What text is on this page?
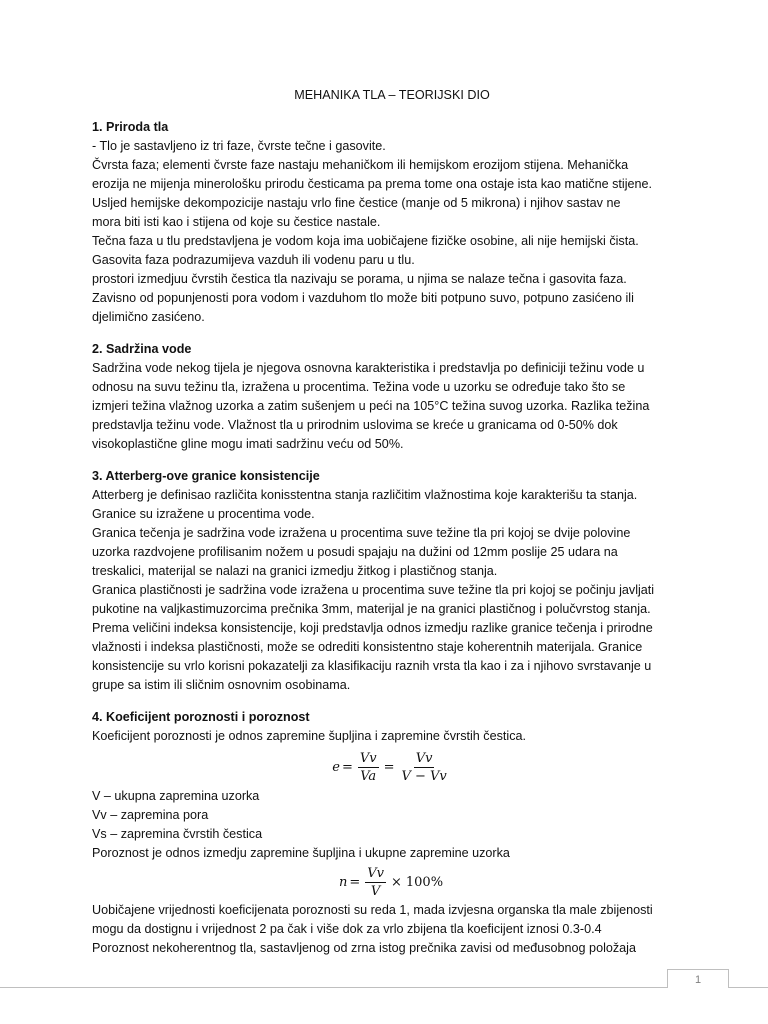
MEHANIKA TLA – TEORIJSKI DIO

1. Priroda tla

- Tlo je sastavljeno iz tri faze, čvrste tečne i gasovite.

Čvrsta faza; elementi čvrste faze nastaju mehaničkom ili hemijskom erozijom stijena. Mehanička

erozija ne mijenja minerološku prirodu česticama pa prema tome ona ostaje ista kao matične stijene.

Usljed hemijske dekompozicije nastaju vrlo fine čestice (manje od 5 mikrona) i njihov sastav ne

mora biti isti kao i stijena od koje su čestice nastale.

Tečna faza u tlu predstavljena je vodom koja ima uobičajene fizičke osobine, ali nije hemijski čista.

Gasovita faza podrazumijeva vazduh ili vodenu paru u tlu.

prostori izmedjuu čvrstih čestica tla nazivaju se porama, u njima se nalaze tečna i gasovita faza.

Zavisno od popunjenosti pora vodom i vazduhom tlo može biti potpuno suvo, potpuno zasićeno ili

djelimično zasićeno.

2. Sadržina vode

Sadržina vode nekog tijela je njegova osnovna karakteristika i predstavlja po definiciji težinu vode u

odnosu na suvu težinu tla, izražena u procentima. Težina vode u uzorku se određuje tako što se

izmjeri težina vlažnog uzorka a zatim sušenjem u peći na 105°C težina suvog uzorka. Razlika težina

predstavlja težinu vode. Vlažnost tla u prirodnim uslovima se kreće u granicama od 0-50% dok

visokoplastične gline mogu imati sadržinu veću od 50%.

3. Atterberg-ove granice konsistencije

Atterberg je definisao različita konisstentna stanja različitim vlažnostima koje karakterišu ta stanja.

Granice su izražene u procentima vode.

Granica tečenja je sadržina vode izražena u procentima suve težine tla pri kojoj se dvije polovine

uzorka razdvojene profilisanim nožem u posudi spajaju na dužini od 12mm poslije 25 udara na

treskalici, materijal se nalazi na granici izmedju žitkog i plastičnog stanja.

Granica plastičnosti je sadržina vode izražena u procentima suve težine tla pri kojoj se počinju javljati

pukotine na valjkastimuzorcima prečnika 3mm, materijal je na granici plastičnog i polučvrstog stanja.

Prema veličini indeksa konsistencije, koji predstavlja odnos izmedju razlike granice tečenja i prirodne

vlažnosti i indeksa plastičnosti, može se odrediti konsistentno staje koherentnih materijala. Granice

konsistencije su vrlo korisni pokazatelji za klasifikaciju raznih vrsta tla kao i za i njihovo svrstavanje u

grupe sa istim ili sličnim osnovnim osobinama.

4. Koeficijent poroznosti i poroznost

Koeficijent poroznosti je odnos zapremine šupljina i zapremine čvrstih čestica.

$e = \frac{Vv}{Va} = \frac{Vv}{V - Vv}$

V – ukupna zapremina uzorka

Vv – zapremina pora

Vs – zapremina čvrstih čestica

Poroznost je odnos izmedju zapremine šupljina i ukupne zapremine uzorka

$n = \frac{Vv}{V} \times 100\%$

Uobičajene vrijednosti koeficijenata poroznosti su reda 1, mada izvjesna organska tla male zbijenosti

mogu da dostignu i vrijednost 2 pa čak i više dok za vrlo zbijena tla koeficijent iznosi 0.3-0.4

Poroznost nekoherentnog tla, sastavljenog od zrna istog prečnika zavisi od međusobnog položaja

1
